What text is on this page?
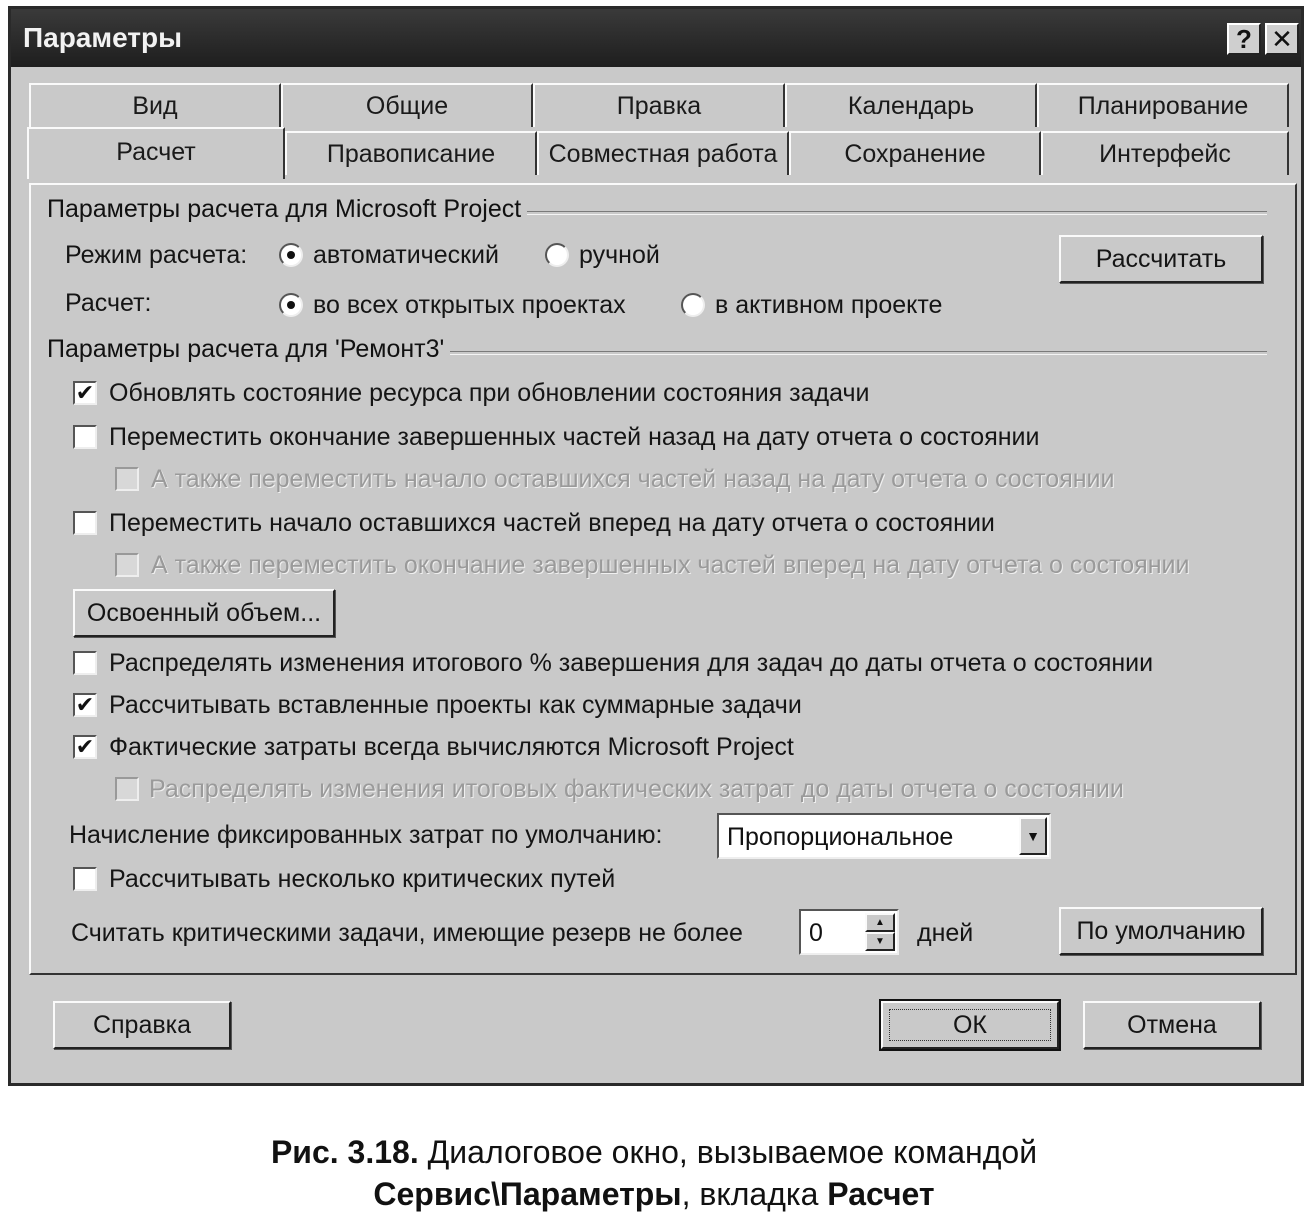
Параметры	? ✕
Вид	Общие	Правка	Календарь	Планирование
Расчет	Правописание	Совместная работа	Сохранение	Интерфейс
Параметры расчета для Microsoft Project
Режим расчета:	автоматический	ручной	Рассчитать
Расчет:	во всех открытых проектах	в активном проекте
Параметры расчета для 'Ремонт3'
✔ Обновлять состояние ресурса при обновлении состояния задачи
Переместить окончание завершенных частей назад на дату отчета о состоянии
А также переместить начало оставшихся частей назад на дату отчета о состоянии
Переместить начало оставшихся частей вперед на дату отчета о состоянии
А также переместить окончание завершенных частей вперед на дату отчета о состоянии
Освоенный объем...
Распределять изменения итогового % завершения для задач до даты отчета о состоянии
✔ Рассчитывать вставленные проекты как суммарные задачи
✔ Фактические затраты всегда вычисляются Microsoft Project
Распределять изменения итоговых фактических затрат до даты отчета о состоянии
Начисление фиксированных затрат по умолчанию:	Пропорциональное	▼
Рассчитывать несколько критических путей
Считать критическими задачи, имеющие резерв не более	0	▲
▼	дней	По умолчанию
Справка	ОК	Отмена
Рис. 3.18. Диалоговое окно, вызываемое командой
Сервис\Параметры, вкладка Расчет
